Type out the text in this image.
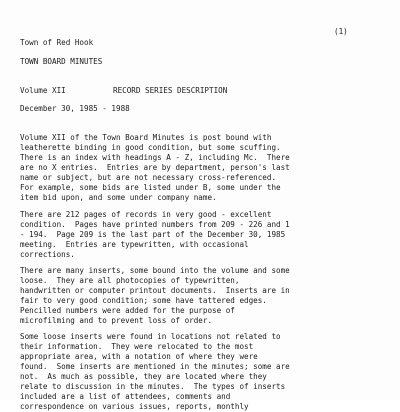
(1)
Town of Red Hook
TOWN BOARD MINUTES
Volume XII	RECORD SERIES DESCRIPTION
December 30, 1985 - 1988
Volume XII of the Town Board Minutes is post bound with
leatherette binding in good condition, but some scuffing.
There is an index with headings A - Z, including Mc.  There
are no X entries.  Entries are by department, person's last
name or subject, but are not necessary cross-referenced.
For example, some bids are listed under B, some under the
item bid upon, and some under company name.
There are 212 pages of records in very good - excellent
condition.  Pages have printed numbers from 209 - 226 and 1
- 194.  Page 209 is the last part of the December 30, 1985
meeting.  Entries are typewritten, with occasional
corrections.
There are many inserts, some bound into the volume and some
loose.  They are all photocopies of typewritten,
handwritten or computer printout documents.  Inserts are in
fair to very good condition; some have tattered edges.
Pencilled numbers were added for the purpose of
microfilming and to prevent loss of order.
Some loose inserts were found in locations not related to
their information.  They were relocated to the most
appropriate area, with a notation of where they were
found.  Some inserts are mentioned in the minutes; some are
not.  As much as possible, they are located where they
relate to discussion in the minutes.  The types of inserts
included are a list of attendees, comments and
correspondence on various issues, reports, monthly
